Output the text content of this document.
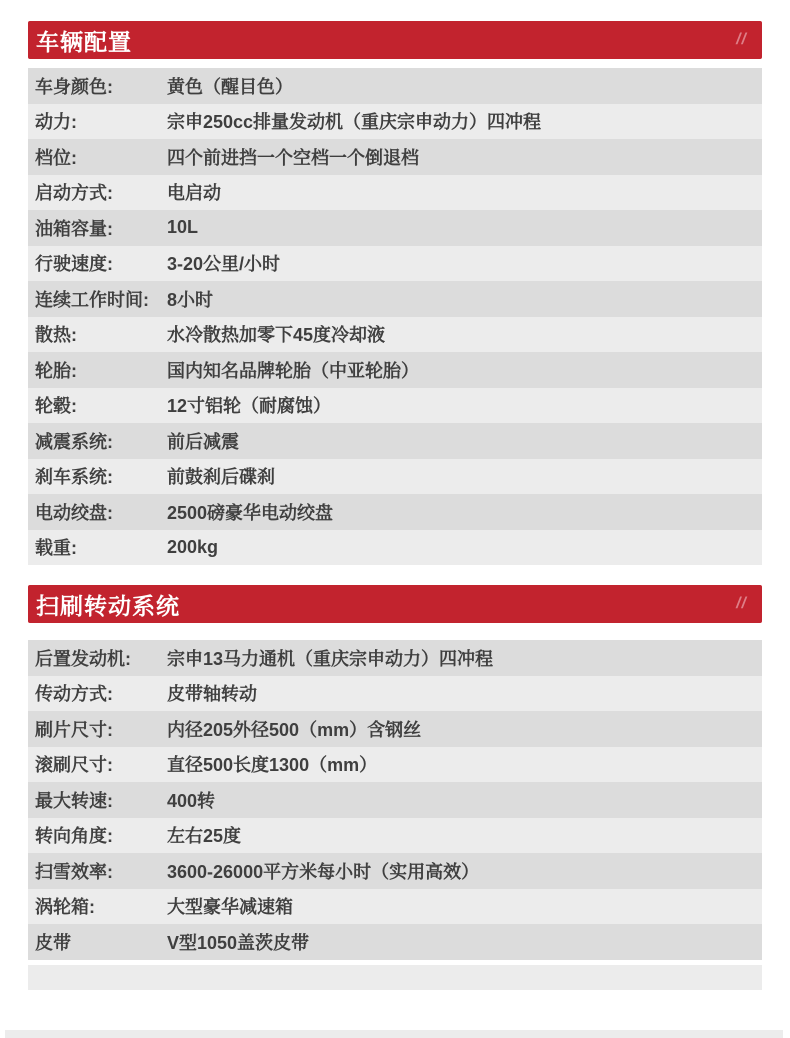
车辆配置	//
车身颜色:	黄色（醒目色）
动力:	宗申250cc排量发动机（重庆宗申动力）四冲程
档位:	四个前进挡一个空档一个倒退档
启动方式:	电启动
油箱容量:	10L
行驶速度:	3-20公里/小时
连续工作时间:	8小时
散热:	水冷散热加零下45度冷却液
轮胎:	国内知名品牌轮胎（中亚轮胎）
轮毂:	12寸铝轮（耐腐蚀）
减震系统:	前后减震
刹车系统:	前鼓刹后碟刹
电动绞盘:	2500磅豪华电动绞盘
载重:	200kg
扫刷转动系统	//
后置发动机:	宗申13马力通机（重庆宗申动力）四冲程
传动方式:	皮带轴转动
刷片尺寸:	内径205外径500（mm）含钢丝
滚刷尺寸:	直径500长度1300（mm）
最大转速:	400转
转向角度:	左右25度
扫雪效率:	3600-26000平方米每小时（实用高效）
涡轮箱:	大型豪华减速箱
皮带	V型1050盖茨皮带
